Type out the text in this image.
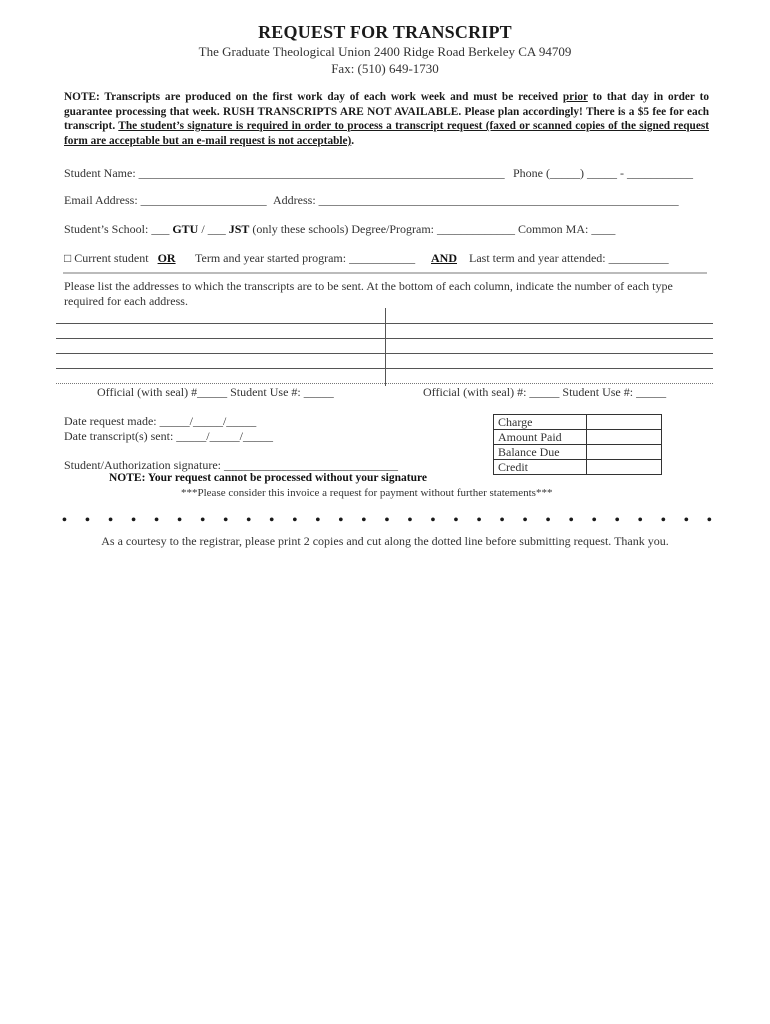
REQUEST FOR TRANSCRIPT
The Graduate Theological Union 2400 Ridge Road Berkeley CA 94709
Fax: (510) 649-1730
NOTE: Transcripts are produced on the first work day of each work week and must be received prior to that day in order to guarantee processing that week. RUSH TRANSCRIPTS ARE NOT AVAILABLE. Please plan accordingly! There is a $5 fee for each transcript. The student’s signature is required in order to process a transcript request (faxed or scanned copies of the signed request form are acceptable but an e-mail request is not acceptable).
Student Name: _____________________________________________________________ Phone (_____) _____ - ___________
Email Address: _____________________ Address: ____________________________________________________________
Student’s School: ___ GTU / ___ JST (only these schools) Degree/Program: _____________ Common MA: ____
□ Current student   OR Term and year started program: ___________ AND Last term and year attended: __________
Please list the addresses to which the transcripts are to be sent. At the bottom of each column, indicate the number of each type required for each address.
Official (with seal) #_____ Student Use #: _____	Official (with seal) #: _____ Student Use #: _____
Date request made: _____/_____/_____
Date transcript(s) sent: _____/_____/_____
Student/Authorization signature: _____________________________
NOTE: Your request cannot be processed without your signature
***Please consider this invoice a request for payment without further statements***
Charge	
Amount Paid	
Balance Due	
Credit	
• • • • • • • • • • • • • • • • • • • • • • • • • • • • •
As a courtesy to the registrar, please print 2 copies and cut along the dotted line before submitting request. Thank you.
